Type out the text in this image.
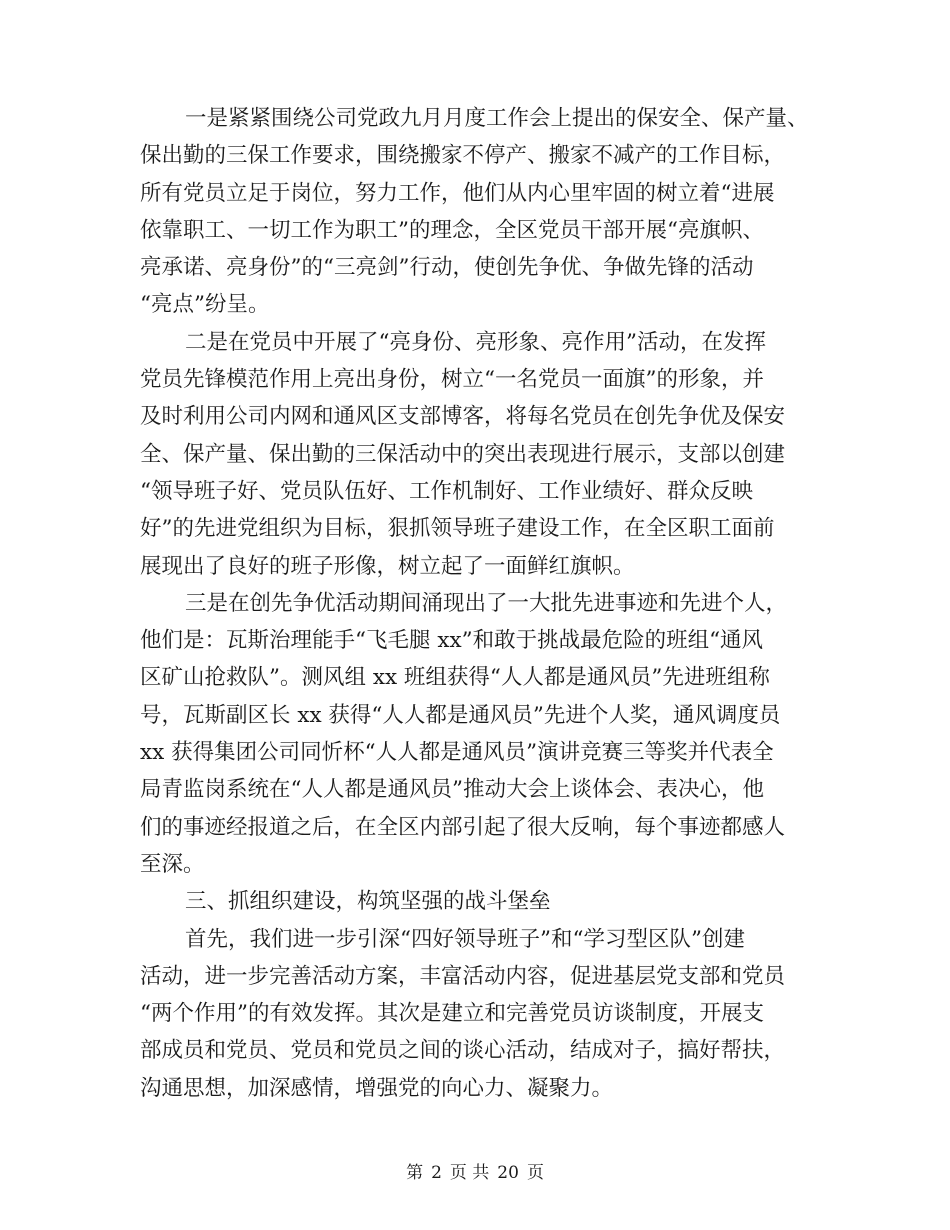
一是紧紧围绕公司党政九月月度工作会上提出的保安全、保产量、
保出勤的三保工作要求，围绕搬家不停产、搬家不减产的工作目标，
所有党员立足于岗位，努力工作，他们从内心里牢固的树立着“进展
依靠职工、一切工作为职工”的理念，全区党员干部开展“亮旗帜、
亮承诺、亮身份”的“三亮剑”行动，使创先争优、争做先锋的活动
“亮点”纷呈。
二是在党员中开展了“亮身份、亮形象、亮作用”活动，在发挥
党员先锋模范作用上亮出身份，树立“一名党员一面旗”的形象，并
及时利用公司内网和通风区支部博客，将每名党员在创先争优及保安
全、保产量、保出勤的三保活动中的突出表现进行展示，支部以创建
“领导班子好、党员队伍好、工作机制好、工作业绩好、群众反映
好”的先进党组织为目标，狠抓领导班子建设工作，在全区职工面前
展现出了良好的班子形像，树立起了一面鲜红旗帜。
三是在创先争优活动期间涌现出了一大批先进事迹和先进个人，
他们是：瓦斯治理能手“飞毛腿 xx”和敢于挑战最危险的班组“通风
区矿山抢救队”。测风组 xx 班组获得“人人都是通风员”先进班组称
号，瓦斯副区长 xx 获得“人人都是通风员”先进个人奖，通风调度员
xx 获得集团公司同忻杯“人人都是通风员”演讲竞赛三等奖并代表全
局青监岗系统在“人人都是通风员”推动大会上谈体会、表决心，他
们的事迹经报道之后，在全区内部引起了很大反响，每个事迹都感人
至深。
三、抓组织建设，构筑坚强的战斗堡垒
首先，我们进一步引深“四好领导班子”和“学习型区队”创建
活动，进一步完善活动方案，丰富活动内容，促进基层党支部和党员
“两个作用”的有效发挥。其次是建立和完善党员访谈制度，开展支
部成员和党员、党员和党员之间的谈心活动，结成对子，搞好帮扶，
沟通思想，加深感情，增强党的向心力、凝聚力。
第 2 页 共 20 页
